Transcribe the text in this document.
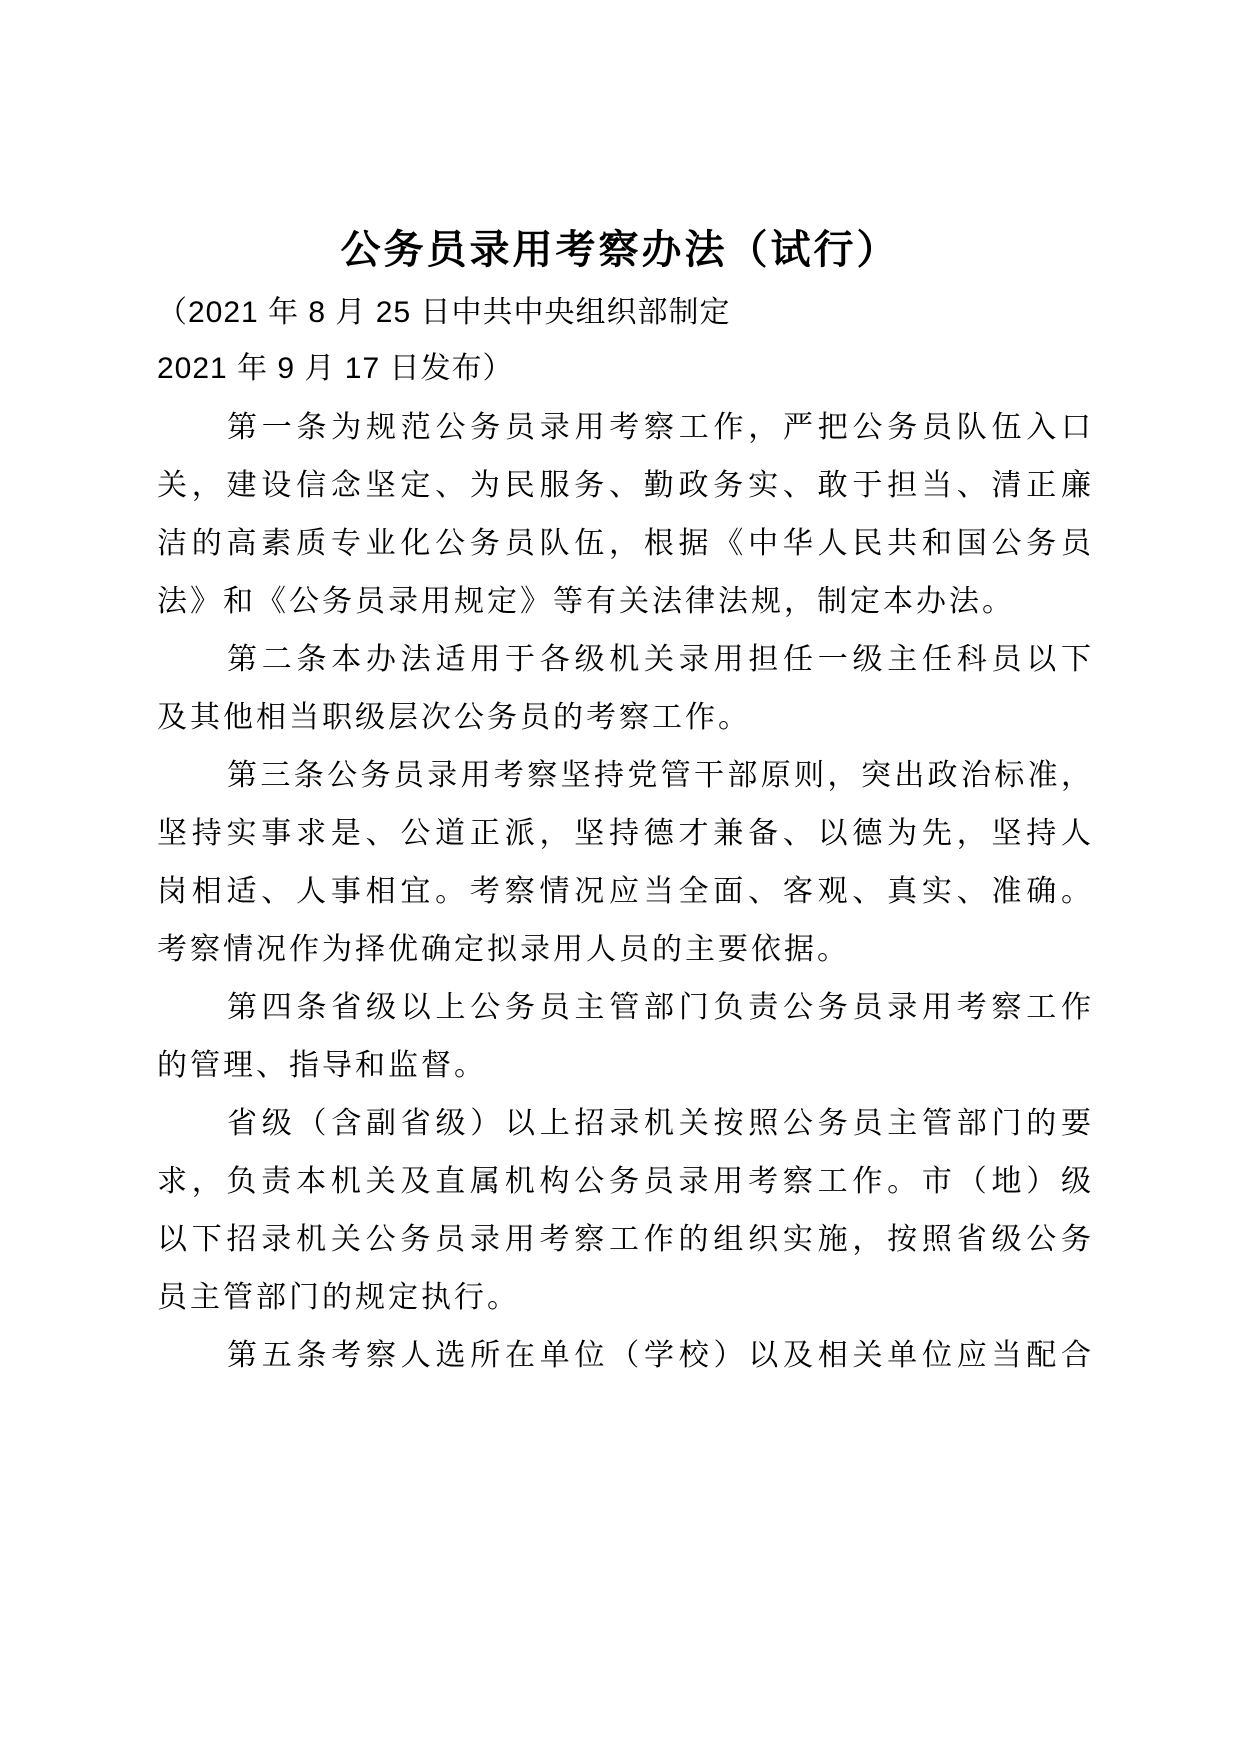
公务员录用考察办法（试行）
（2021 年 8 月 25 日中共中央组织部制定
2021 年 9 月 17 日发布）
第一条为规范公务员录用考察工作，严把公务员队伍入口
关，建设信念坚定、为民服务、勤政务实、敢于担当、清正廉
洁的高素质专业化公务员队伍，根据《中华人民共和国公务员
法》和《公务员录用规定》等有关法律法规，制定本办法。
第二条本办法适用于各级机关录用担任一级主任科员以下
及其他相当职级层次公务员的考察工作。
第三条公务员录用考察坚持党管干部原则，突出政治标准，
坚持实事求是、公道正派，坚持德才兼备、以德为先，坚持人
岗相适、人事相宜。考察情况应当全面、客观、真实、准确。
考察情况作为择优确定拟录用人员的主要依据。
第四条省级以上公务员主管部门负责公务员录用考察工作
的管理、指导和监督。
省级（含副省级）以上招录机关按照公务员主管部门的要
求，负责本机关及直属机构公务员录用考察工作。市（地）级
以下招录机关公务员录用考察工作的组织实施，按照省级公务
员主管部门的规定执行。
第五条考察人选所在单位（学校）以及相关单位应当配合
